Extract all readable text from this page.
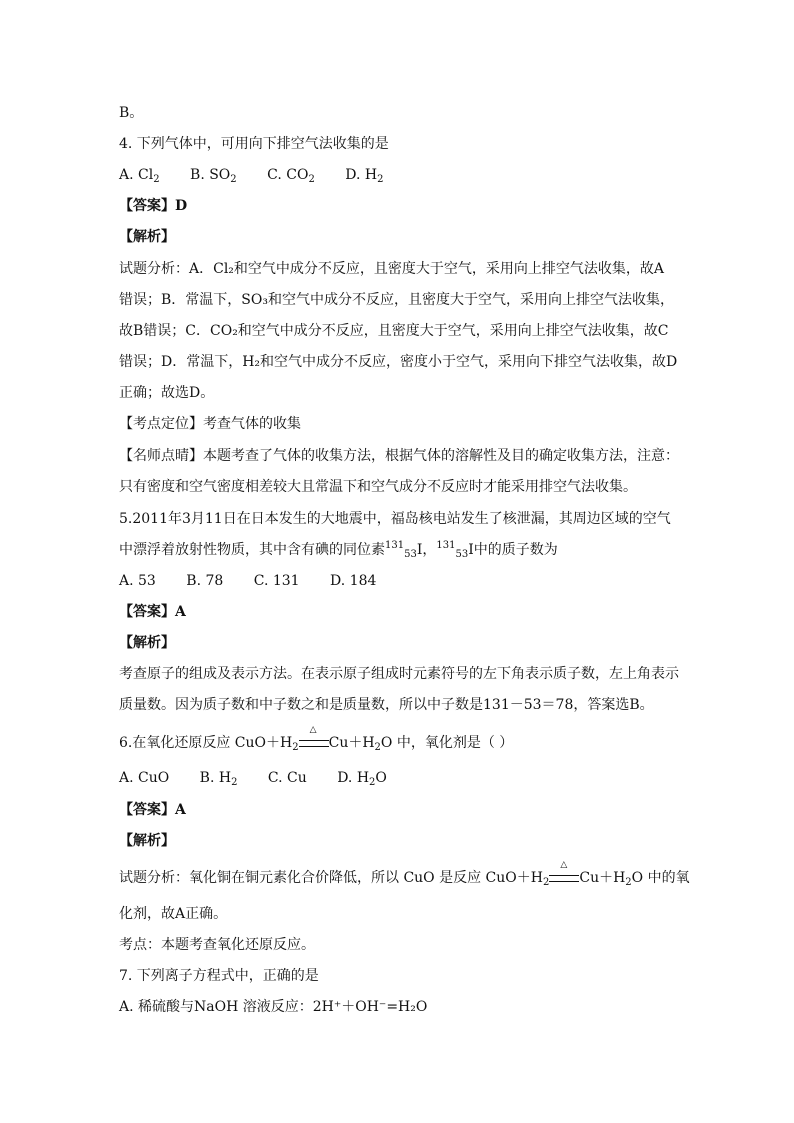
B。
4. 下列气体中，可用向下排空气法收集的是
A. $Cl_2$ B. $SO_2$ C. $CO_2$ D. $H_2$
【答案】D
【解析】
试题分析：A．Cl₂和空气中成分不反应，且密度大于空气，采用向上排空气法收集，故A
错误；B．常温下，SO₃和空气中成分不反应，且密度大于空气，采用向上排空气法收集，
故B错误；C．CO₂和空气中成分不反应，且密度大于空气，采用向上排空气法收集，故C
错误；D．常温下，H₂和空气中成分不反应，密度小于空气，采用向下排空气法收集，故D
正确；故选D。
【考点定位】考查气体的收集
【名师点晴】本题考查了气体的收集方法，根据气体的溶解性及目的确定收集方法，注意：
只有密度和空气密度相差较大且常温下和空气成分不反应时才能采用排空气法收集。
5.2011年3月11日在日本发生的大地震中，福岛核电站发生了核泄漏，其周边区域的空气
中漂浮着放射性物质，其中含有碘的同位素$^{131}_{53}$I，$^{131}_{53}$I中的质子数为
A. 53 B. 78 C. 131 D. 184
【答案】A
【解析】
考查原子的组成及表示方法。在表示原子组成时元素符号的左下角表示质子数，左上角表示
质量数。因为质子数和中子数之和是质量数，所以中子数是131－53＝78，答案选B。
6.在氧化还原反应 $CuO+H_2$
△
$Cu+H_2O$ 中，氧化剂是（ ）
A. CuO B. $H_2$ C. Cu D. $H_2O$
【答案】A
【解析】
试题分析：氧化铜在铜元素化合价降低，所以 CuO 是反应 $CuO+H_2$
△
$Cu+H_2O$ 中的氧
化剂，故A正确。
考点：本题考查氧化还原反应。
7. 下列离子方程式中，正确的是
A. 稀硫酸与NaOH 溶液反应：2H⁺＋OH⁻=H₂O
